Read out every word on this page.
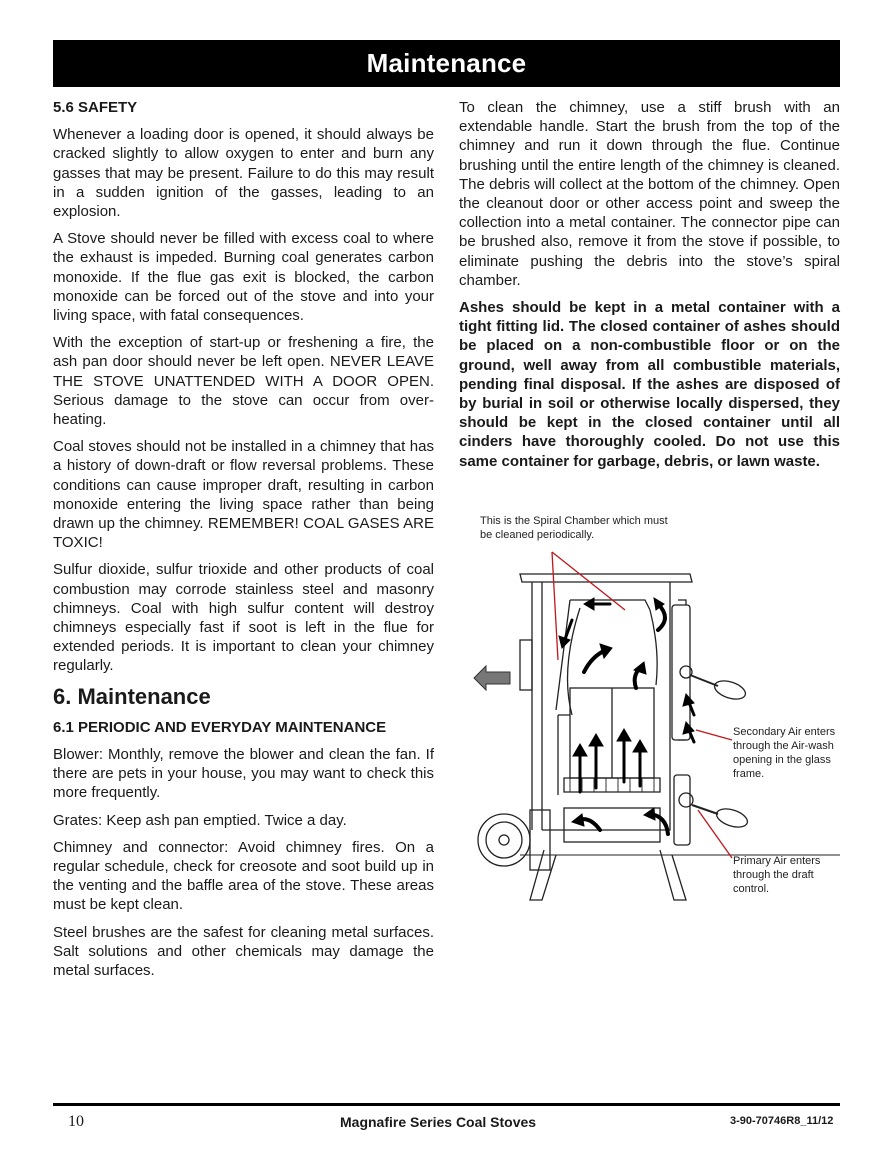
Maintenance
5.6 SAFETY

Whenever a loading door is opened, it should always be cracked slightly to allow oxygen to enter and burn any gasses that may be present. Failure to do this may result in a sudden ignition of the gasses, leading to an explosion.

A Stove should never be filled with excess coal to where the exhaust is impeded. Burning coal generates carbon monoxide. If the flue gas exit is blocked, the carbon monoxide can be forced out of the stove and into your living space, with fatal consequences.

With the exception of start-up or freshening a fire, the ash pan door should never be left open. NEVER LEAVE THE STOVE UNATTENDED WITH A DOOR OPEN. Serious damage to the stove can occur from over-heating.

Coal stoves should not be installed in a chimney that has a history of down-draft or flow reversal problems. These conditions can cause improper draft, resulting in carbon monoxide entering the living space rather than being drawn up the chimney. REMEMBER! COAL GASES ARE TOXIC!

Sulfur dioxide, sulfur trioxide and other products of coal combustion may corrode stainless steel and masonry chimneys. Coal with high sulfur content will destroy chimneys especially fast if soot is left in the flue for extended periods. It is important to clean your chimney regularly.

6. Maintenance
6.1 PERIODIC AND EVERYDAY MAINTENANCE

Blower: Monthly, remove the blower and clean the fan. If there are pets in your house, you may want to check this more frequently.

Grates: Keep ash pan emptied. Twice a day.

Chimney and connector: Avoid chimney fires. On a regular schedule, check for creosote and soot build up in the venting and the baffle area of the stove. These areas must be kept clean.

Steel brushes are the safest for cleaning metal surfaces. Salt solutions and other chemicals may damage the metal surfaces.

To clean the chimney, use a stiff brush with an extendable handle. Start the brush from the top of the chimney and run it down through the flue. Continue brushing until the entire length of the chimney is cleaned. The debris will collect at the bottom of the chimney. Open the cleanout door or other access point and sweep the collection into a metal container. The connector pipe can be brushed also, remove it from the stove if possible, to eliminate pushing the debris into the stove’s spiral chamber.

Ashes should be kept in a metal container with a tight fitting lid. The closed container of ashes should be placed on a non-combustible floor or on the ground, well away from all combustible materials, pending final disposal. If the ashes are disposed of by burial in soil or otherwise locally dispersed, they should be kept in the closed container until all cinders have thoroughly cooled. Do not use this same container for garbage, debris, or lawn waste.

This is the Spiral Chamber which must be cleaned periodically.
Secondary Air enters through the Air-wash opening in the glass frame.
Primary Air enters through the draft control.
10	Magnafire Series Coal Stoves	3-90-70746R8_11/12
